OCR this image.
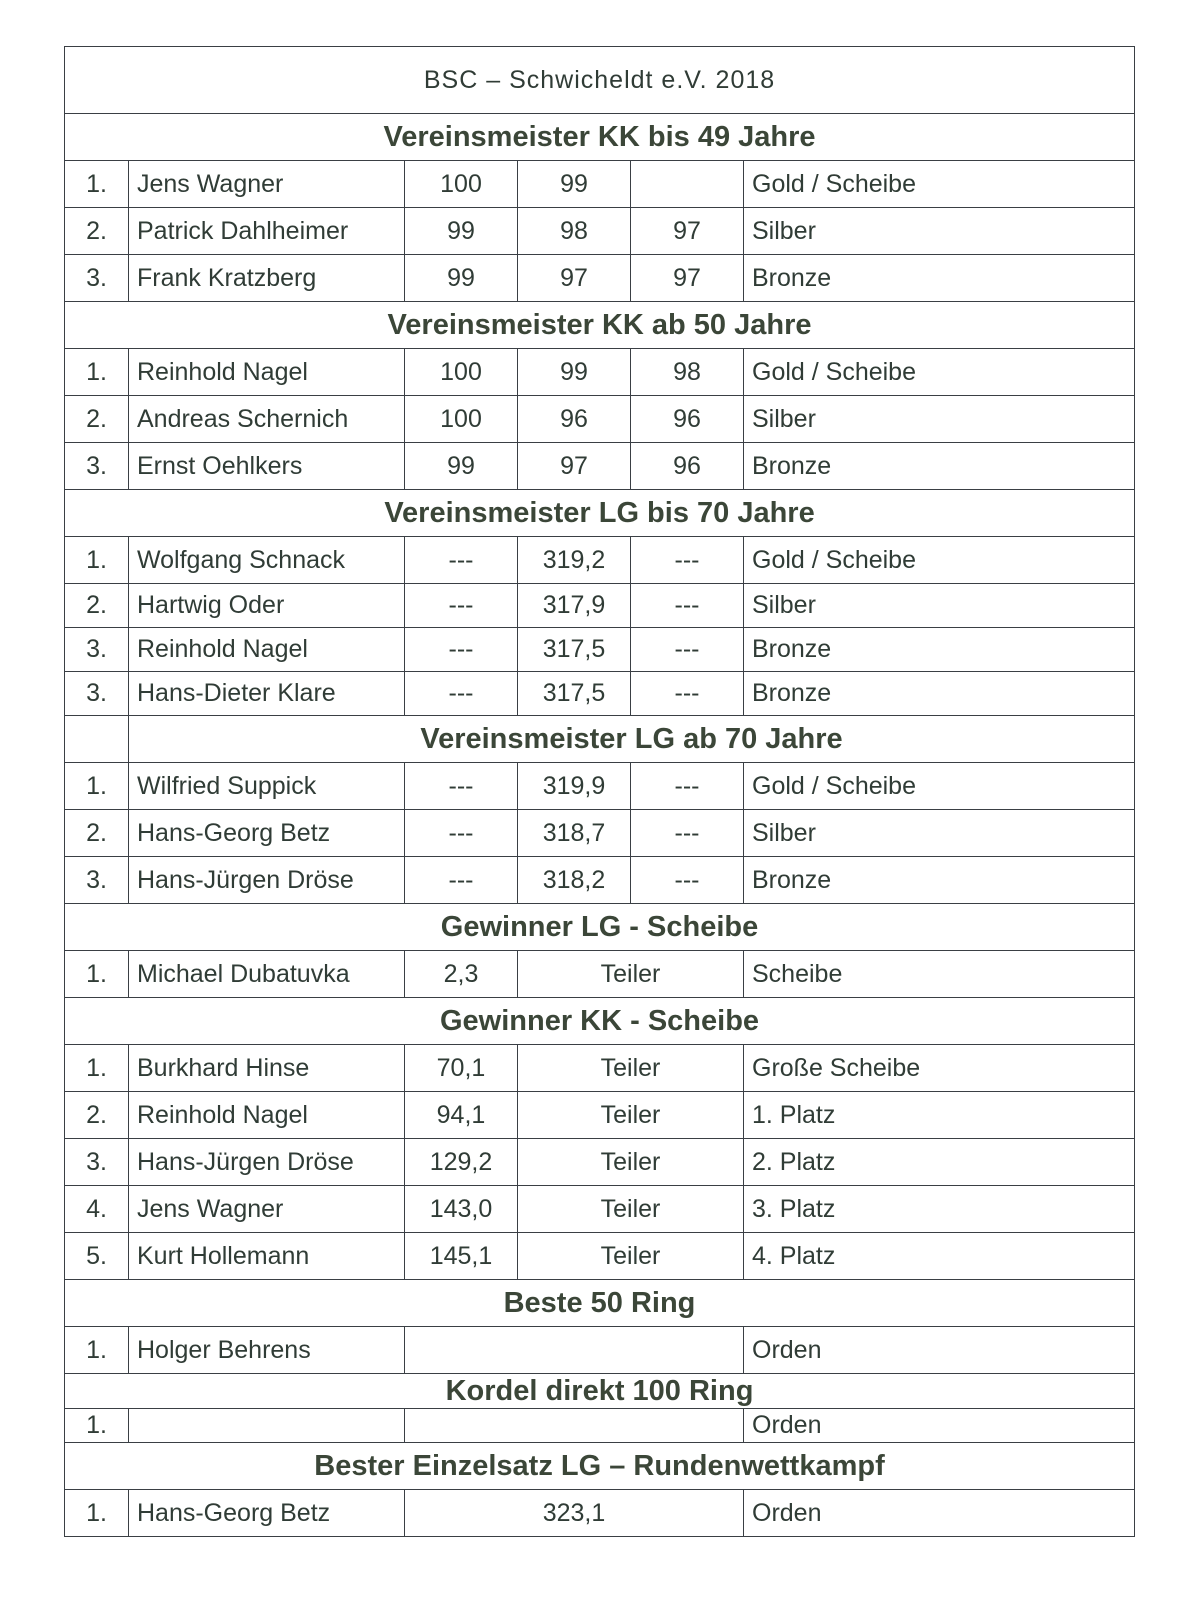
BSC – Schwicheldt e.V. 2018					
Vereinsmeister KK bis 49 Jahre					
1.	Jens Wagner	100	99		Gold / Scheibe
2.	Patrick Dahlheimer	99	98	97	Silber
3.	Frank Kratzberg	99	97	97	Bronze
Vereinsmeister KK ab 50 Jahre					
1.	Reinhold Nagel	100	99	98	Gold / Scheibe
2.	Andreas Schernich	100	96	96	Silber
3.	Ernst Oehlkers	99	97	96	Bronze
Vereinsmeister LG bis 70 Jahre					
1.	Wolfgang Schnack	---	319,2	---	Gold / Scheibe
2.	Hartwig Oder	---	317,9	---	Silber
3.	Reinhold Nagel	---	317,5	---	Bronze
3.	Hans-Dieter Klare	---	317,5	---	Bronze
	Vereinsmeister LG ab 70 Jahre				
1.	Wilfried Suppick	---	319,9	---	Gold / Scheibe
2.	Hans-Georg Betz	---	318,7	---	Silber
3.	Hans-Jürgen Dröse	---	318,2	---	Bronze
Gewinner LG - Scheibe					
1.	Michael Dubatuvka	2,3	Teiler		Scheibe
Gewinner KK - Scheibe					
1.	Burkhard Hinse	70,1	Teiler		Große Scheibe
2.	Reinhold Nagel	94,1	Teiler		1. Platz
3.	Hans-Jürgen Dröse	129,2	Teiler		2. Platz
4.	Jens Wagner	143,0	Teiler		3. Platz
5.	Kurt Hollemann	145,1	Teiler		4. Platz
Beste 50 Ring					
1.	Holger Behrens				Orden
Kordel direkt 100 Ring					
1.					Orden
Bester Einzelsatz LG – Rundenwettkampf					
1.	Hans-Georg Betz	323,1			Orden
